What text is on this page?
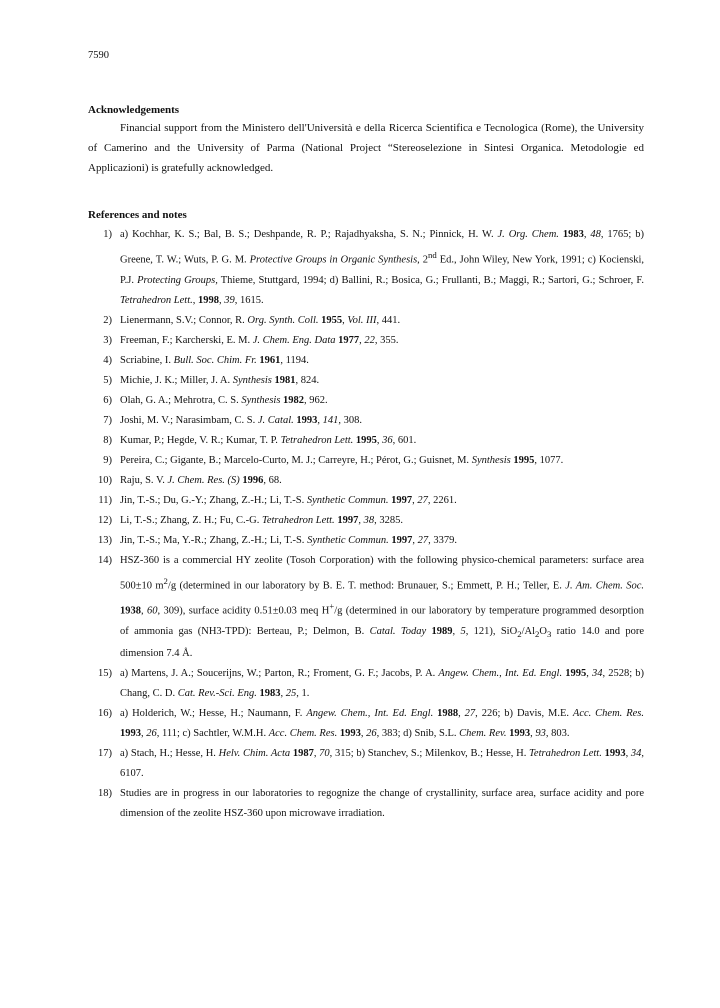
7590
Acknowledgements

Financial support from the Ministero dell'Università e della Ricerca Scientifica e Tecnologica (Rome), the University of Camerino and the University of Parma (National Project “Stereoselezione in Sintesi Organica. Metodologie ed Applicazioni) is gratefully acknowledged.

References and notes
1) a) Kochhar, K. S.; Bal, B. S.; Deshpande, R. P.; Rajadhyaksha, S. N.; Pinnick, H. W. J. Org. Chem. 1983, 48, 1765; b) Greene, T. W.; Wuts, P. G. M. Protective Groups in Organic Synthesis, 2nd Ed., John Wiley, New York, 1991; c) Kocienski, P.J. Protecting Groups, Thieme, Stuttgard, 1994; d) Ballini, R.; Bosica, G.; Frullanti, B.; Maggi, R.; Sartori, G.; Schroer, F. Tetrahedron Lett., 1998, 39, 1615.
2) Lienermann, S.V.; Connor, R. Org. Synth. Coll. 1955, Vol. III, 441.
3) Freeman, F.; Karcherski, E. M. J. Chem. Eng. Data 1977, 22, 355.
4) Scriabine, I. Bull. Soc. Chim. Fr. 1961, 1194.
5) Michie, J. K.; Miller, J. A. Synthesis 1981, 824.
6) Olah, G. A.; Mehrotra, C. S. Synthesis 1982, 962.
7) Joshi, M. V.; Narasimbam, C. S. J. Catal. 1993, 141, 308.
8) Kumar, P.; Hegde, V. R.; Kumar, T. P. Tetrahedron Lett. 1995, 36, 601.
9) Pereira, C.; Gigante, B.; Marcelo-Curto, M. J.; Carreyre, H.; Pérot, G.; Guisnet, M. Synthesis 1995, 1077.
10) Raju, S. V. J. Chem. Res. (S) 1996, 68.
11) Jin, T.-S.; Du, G.-Y.; Zhang, Z.-H.; Li, T.-S. Synthetic Commun. 1997, 27, 2261.
12) Li, T.-S.; Zhang, Z. H.; Fu, C.-G. Tetrahedron Lett. 1997, 38, 3285.
13) Jin, T.-S.; Ma, Y.-R.; Zhang, Z.-H.; Li, T.-S. Synthetic Commun. 1997, 27, 3379.
14) HSZ-360 is a commercial HY zeolite (Tosoh Corporation) with the following physico-chemical parameters: surface area 500±10 $m^2/g$ (determined in our laboratory by B. E. T. method: Brunauer, S.; Emmett, P. H.; Teller, E. J. Am. Chem. Soc. 1938, 60, 309), surface acidity 0.51±0.03 meq H+/g (determined in our laboratory by temperature programmed desorption of ammonia gas (NH3-TPD): Berteau, P.; Delmon, B. Catal. Today 1989, 5, 121), $SiO_2/Al_2O_3$ ratio 14.0 and pore dimension 7.4 Å.
15) a) Martens, J. A.; Soucerijns, W.; Parton, R.; Froment, G. F.; Jacobs, P. A. Angew. Chem., Int. Ed. Engl. 1995, 34, 2528; b) Chang, C. D. Cat. Rev.-Sci. Eng. 1983, 25, 1.
16) a) Holderich, W.; Hesse, H.; Naumann, F. Angew. Chem., Int. Ed. Engl. 1988, 27, 226; b) Davis, M.E. Acc. Chem. Res. 1993, 26, 111; c) Sachtler, W.M.H. Acc. Chem. Res. 1993, 26, 383; d) Snib, S.L. Chem. Rev. 1993, 93, 803.
17) a) Stach, H.; Hesse, H. Helv. Chim. Acta 1987, 70, 315; b) Stanchev, S.; Milenkov, B.; Hesse, H. Tetrahedron Lett. 1993, 34, 6107.
18) Studies are in progress in our laboratories to regognize the change of crystallinity, surface area, surface acidity and pore dimension of the zeolite HSZ-360 upon microwave irradiation.
